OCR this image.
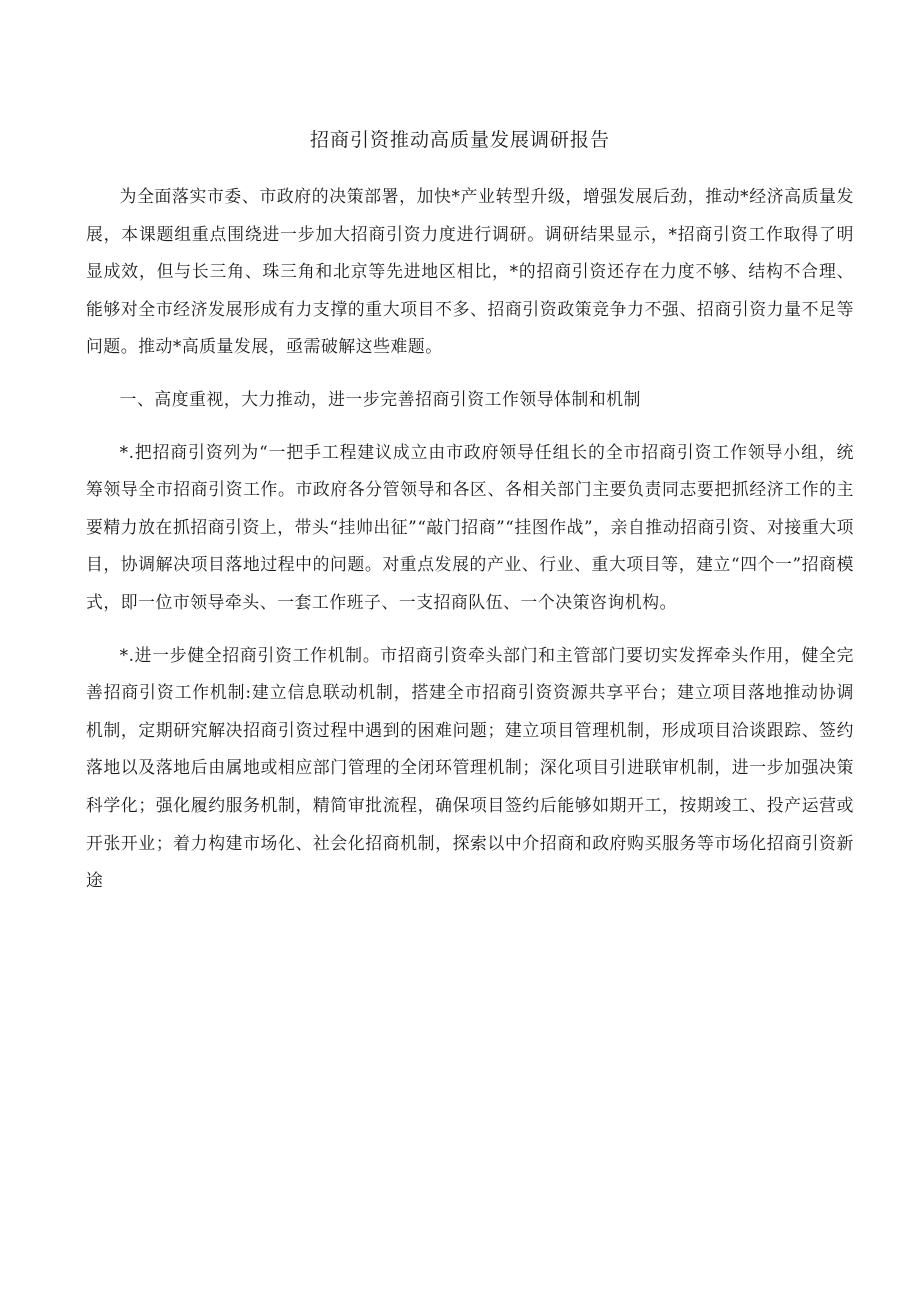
招商引资推动高质量发展调研报告

为全面落实市委、市政府的决策部署，加快*产业转型升级，增强发展后劲，推动*经济高质量发展，本课题组重点围绕进一步加大招商引资力度进行调研。调研结果显示，*招商引资工作取得了明显成效，但与长三角、珠三角和北京等先进地区相比，*的招商引资还存在力度不够、结构不合理、能够对全市经济发展形成有力支撑的重大项目不多、招商引资政策竞争力不强、招商引资力量不足等问题。推动*高质量发展，亟需破解这些难题。

一、高度重视，大力推动，进一步完善招商引资工作领导体制和机制

*.把招商引资列为“一把手工程建议成立由市政府领导任组长的全市招商引资工作领导小组，统筹领导全市招商引资工作。市政府各分管领导和各区、各相关部门主要负责同志要把抓经济工作的主要精力放在抓招商引资上，带头“挂帅出征”“敲门招商”“挂图作战”，亲自推动招商引资、对接重大项目，协调解决项目落地过程中的问题。对重点发展的产业、行业、重大项目等，建立“四个一”招商模式，即一位市领导牵头、一套工作班子、一支招商队伍、一个决策咨询机构。

*.进一步健全招商引资工作机制。市招商引资牵头部门和主管部门要切实发挥牵头作用，健全完善招商引资工作机制:建立信息联动机制，搭建全市招商引资资源共享平台；建立项目落地推动协调机制，定期研究解决招商引资过程中遇到的困难问题；建立项目管理机制，形成项目洽谈跟踪、签约落地以及落地后由属地或相应部门管理的全闭环管理机制；深化项目引进联审机制，进一步加强决策科学化；强化履约服务机制，精简审批流程，确保项目签约后能够如期开工，按期竣工、投产运营或开张开业；着力构建市场化、社会化招商机制，探索以中介招商和政府购买服务等市场化招商引资新途
